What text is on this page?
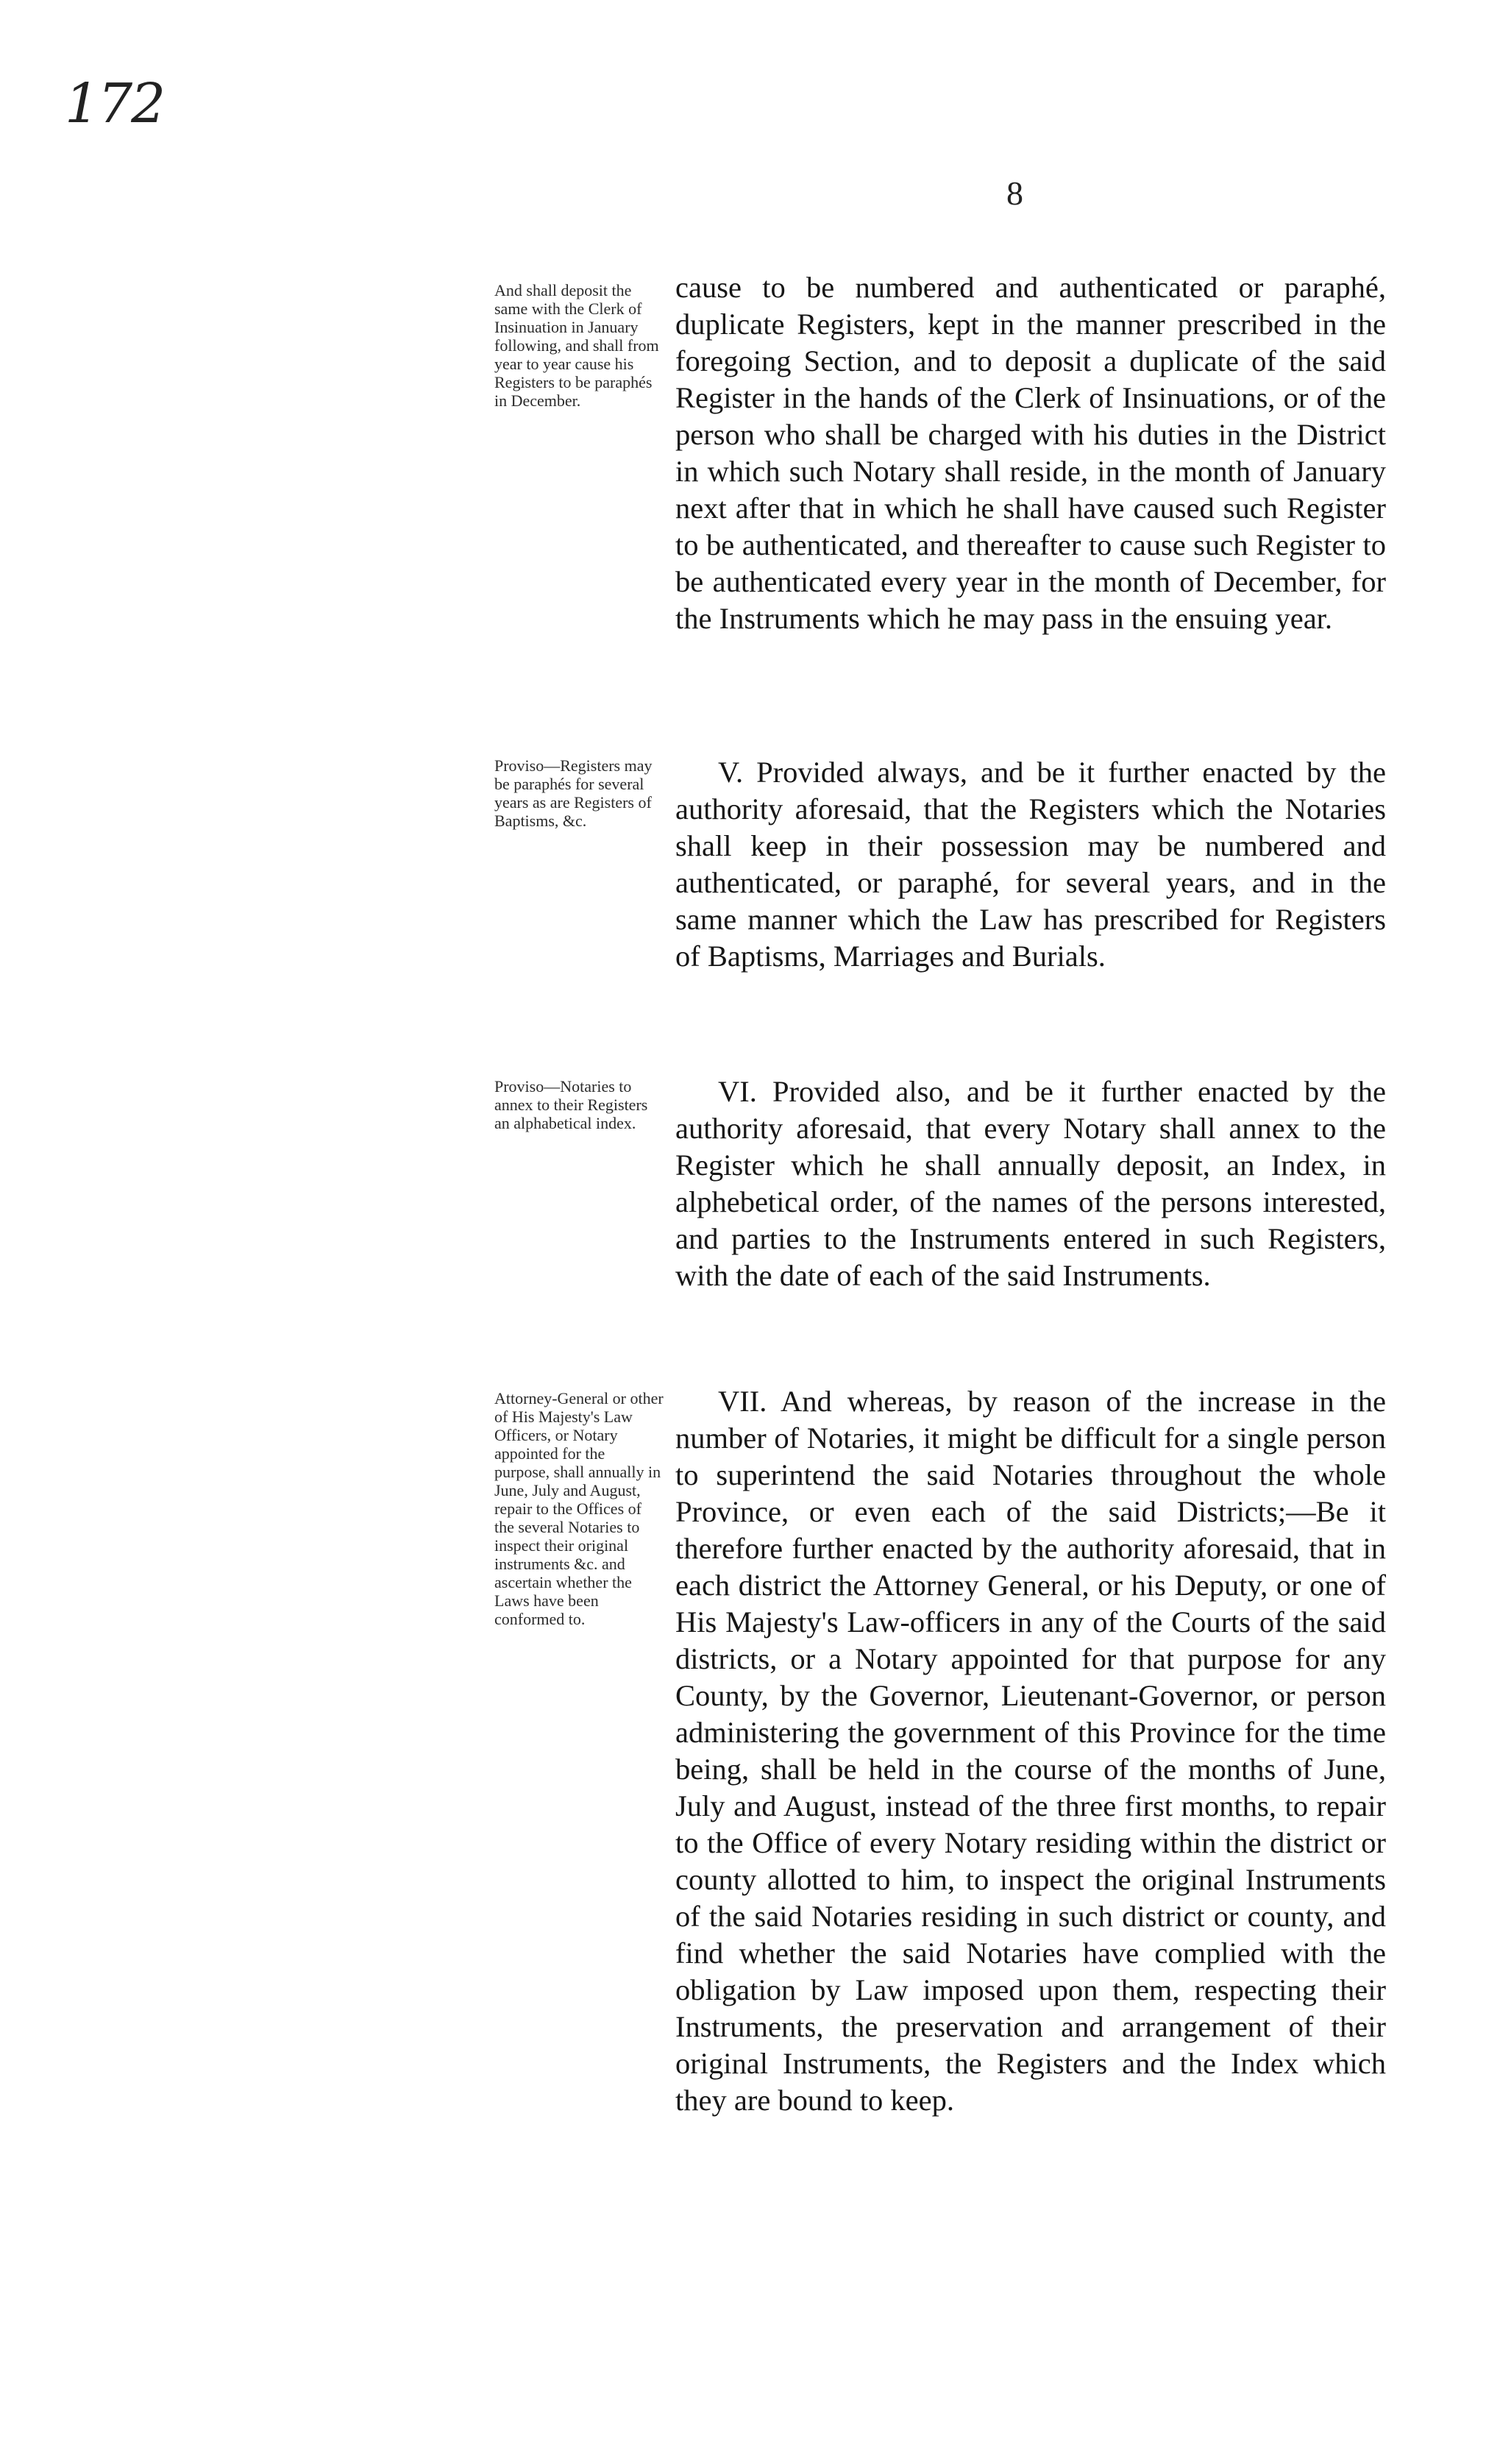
172
8
And shall deposit the same with the Clerk of Insinuation in January following, and shall from year to year cause his Registers to be paraphés in December.

cause to be numbered and authenticated or paraphé, duplicate Registers, kept in the manner prescribed in the foregoing Section, and to deposit a duplicate of the said Register in the hands of the Clerk of Insinuations, or of the person who shall be charged with his duties in the District in which such Notary shall reside, in the month of January next after that in which he shall have caused such Register to be authenticated, and thereafter to cause such Register to be authenticated every year in the month of December, for the Instruments which he may pass in the ensuing year.

Proviso—Registers may be paraphés for several years as are Registers of Baptisms, &c.

V. Provided always, and be it further enacted by the authority aforesaid, that the Registers which the Notaries shall keep in their possession may be numbered and authenticated, or paraphé, for several years, and in the same manner which the Law has prescribed for Registers of Baptisms, Marriages and Burials.

Proviso—Notaries to annex to their Registers an alphabetical index.

VI. Provided also, and be it further enacted by the authority aforesaid, that every Notary shall annex to the Register which he shall annually deposit, an Index, in alphebetical order, of the names of the persons interested, and parties to the Instruments entered in such Registers, with the date of each of the said Instruments.

Attorney-General or other of His Majesty's Law Officers, or Notary appointed for the purpose, shall annually in June, July and August, repair to the Offices of the several Notaries to inspect their original instruments &c. and ascertain whether the Laws have been conformed to.

VII. And whereas, by reason of the increase in the number of Notaries, it might be difficult for a single person to superintend the said Notaries throughout the whole Province, or even each of the said Districts;—Be it therefore further enacted by the authority aforesaid, that in each district the Attorney General, or his Deputy, or one of His Majesty's Law-officers in any of the Courts of the said districts, or a Notary appointed for that purpose for any County, by the Governor, Lieutenant-Governor, or person administering the government of this Province for the time being, shall be held in the course of the months of June, July and August, instead of the three first months, to repair to the Office of every Notary residing within the district or county allotted to him, to inspect the original Instruments of the said Notaries residing in such district or county, and find whether the said Notaries have complied with the obligation by Law imposed upon them, respecting their Instruments, the preservation and arrangement of their original Instruments, the Registers and the Index which they are bound to keep.
